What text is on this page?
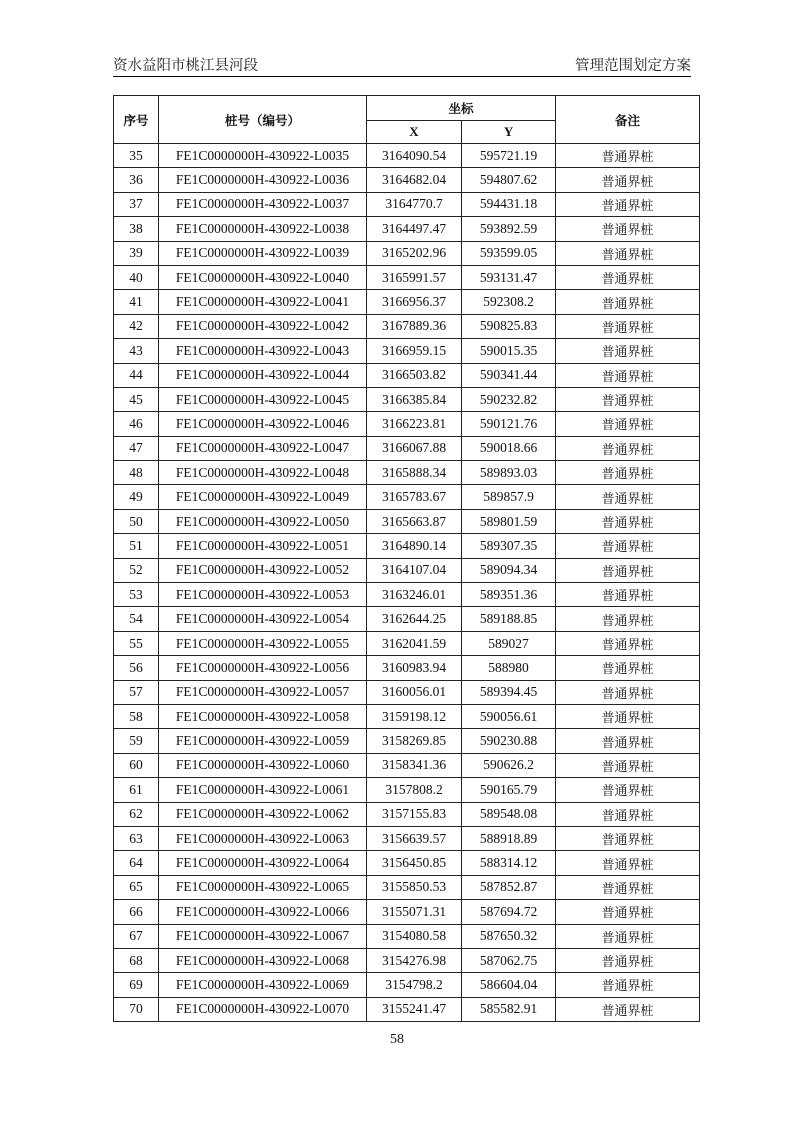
资水益阳市桃江县河段	管理范围划定方案
序号	桩号（编号）	坐标		备注
		X	Y	
35	FE1C0000000H-430922-L0035	3164090.54	595721.19	普通界桩
36	FE1C0000000H-430922-L0036	3164682.04	594807.62	普通界桩
37	FE1C0000000H-430922-L0037	3164770.7	594431.18	普通界桩
38	FE1C0000000H-430922-L0038	3164497.47	593892.59	普通界桩
39	FE1C0000000H-430922-L0039	3165202.96	593599.05	普通界桩
40	FE1C0000000H-430922-L0040	3165991.57	593131.47	普通界桩
41	FE1C0000000H-430922-L0041	3166956.37	592308.2	普通界桩
42	FE1C0000000H-430922-L0042	3167889.36	590825.83	普通界桩
43	FE1C0000000H-430922-L0043	3166959.15	590015.35	普通界桩
44	FE1C0000000H-430922-L0044	3166503.82	590341.44	普通界桩
45	FE1C0000000H-430922-L0045	3166385.84	590232.82	普通界桩
46	FE1C0000000H-430922-L0046	3166223.81	590121.76	普通界桩
47	FE1C0000000H-430922-L0047	3166067.88	590018.66	普通界桩
48	FE1C0000000H-430922-L0048	3165888.34	589893.03	普通界桩
49	FE1C0000000H-430922-L0049	3165783.67	589857.9	普通界桩
50	FE1C0000000H-430922-L0050	3165663.87	589801.59	普通界桩
51	FE1C0000000H-430922-L0051	3164890.14	589307.35	普通界桩
52	FE1C0000000H-430922-L0052	3164107.04	589094.34	普通界桩
53	FE1C0000000H-430922-L0053	3163246.01	589351.36	普通界桩
54	FE1C0000000H-430922-L0054	3162644.25	589188.85	普通界桩
55	FE1C0000000H-430922-L0055	3162041.59	589027	普通界桩
56	FE1C0000000H-430922-L0056	3160983.94	588980	普通界桩
57	FE1C0000000H-430922-L0057	3160056.01	589394.45	普通界桩
58	FE1C0000000H-430922-L0058	3159198.12	590056.61	普通界桩
59	FE1C0000000H-430922-L0059	3158269.85	590230.88	普通界桩
60	FE1C0000000H-430922-L0060	3158341.36	590626.2	普通界桩
61	FE1C0000000H-430922-L0061	3157808.2	590165.79	普通界桩
62	FE1C0000000H-430922-L0062	3157155.83	589548.08	普通界桩
63	FE1C0000000H-430922-L0063	3156639.57	588918.89	普通界桩
64	FE1C0000000H-430922-L0064	3156450.85	588314.12	普通界桩
65	FE1C0000000H-430922-L0065	3155850.53	587852.87	普通界桩
66	FE1C0000000H-430922-L0066	3155071.31	587694.72	普通界桩
67	FE1C0000000H-430922-L0067	3154080.58	587650.32	普通界桩
68	FE1C0000000H-430922-L0068	3154276.98	587062.75	普通界桩
69	FE1C0000000H-430922-L0069	3154798.2	586604.04	普通界桩
70	FE1C0000000H-430922-L0070	3155241.47	585582.91	普通界桩
58
